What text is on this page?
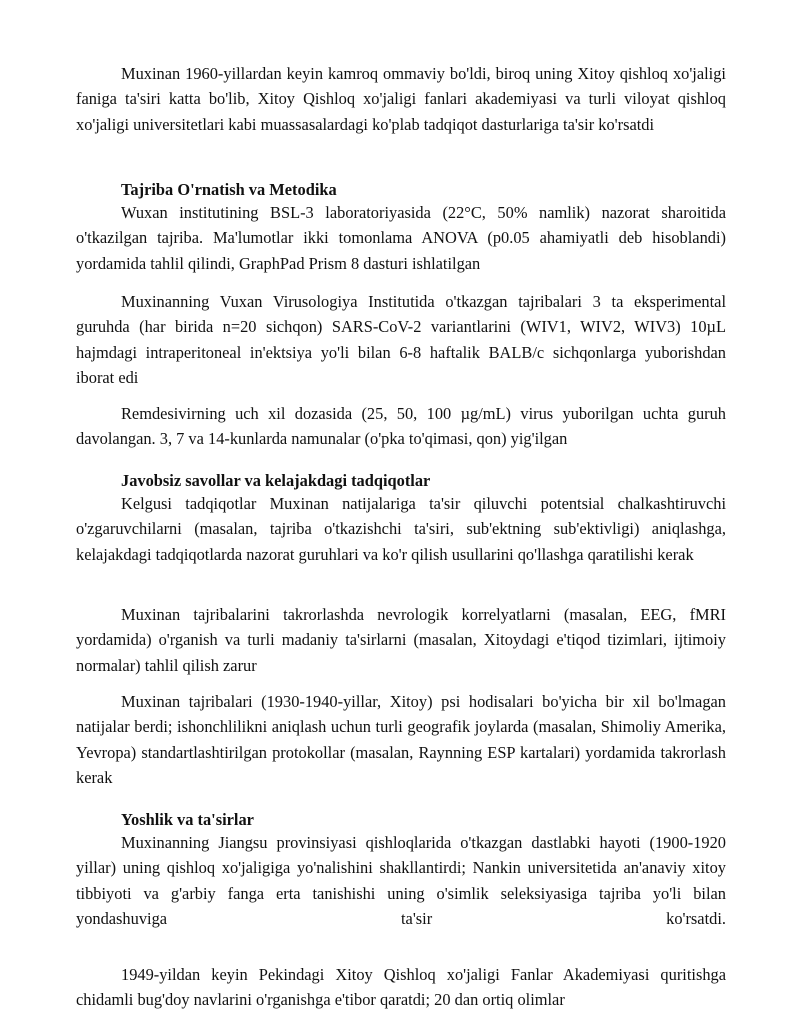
Muxinan 1960-yillardan keyin kamroq ommaviy bo'ldi, biroq uning Xitoy qishloq xo'jaligi faniga ta'siri katta bo'lib, Xitoy Qishloq xo'jaligi fanlari akademiyasi va turli viloyat qishloq xo'jaligi universitetlari kabi muassasalardagi ko'plab tadqiqot dasturlariga ta'sir ko'rsatdi

Tajriba O'rnatish va Metodika

Wuxan institutining BSL-3 laboratoriyasida (22°C, 50% namlik) nazorat sharoitida o'tkazilgan tajriba. Ma'lumotlar ikki tomonlama ANOVA (p0.05 ahamiyatli deb hisoblandi) yordamida tahlil qilindi, GraphPad Prism 8 dasturi ishlatilgan

Muxinanning Vuxan Virusologiya Institutida o'tkazgan tajribalari 3 ta eksperimental guruhda (har birida n=20 sichqon) SARS-CoV-2 variantlarini (WIV1, WIV2, WIV3) 10µL hajmdagi intraperitoneal in'ektsiya yo'li bilan 6-8 haftalik BALB/c sichqonlarga yuborishdan iborat edi

Remdesivirning uch xil dozasida (25, 50, 100 µg/mL) virus yuborilgan uchta guruh davolangan. 3, 7 va 14-kunlarda namunalar (o'pka to'qimasi, qon) yig'ilgan

Javobsiz savollar va kelajakdagi tadqiqotlar

Kelgusi tadqiqotlar Muxinan natijalariga ta'sir qiluvchi potentsial chalkashtiruvchi o'zgaruvchilarni (masalan, tajriba o'tkazishchi ta'siri, sub'ektning sub'ektivligi) aniqlashga, kelajakdagi tadqiqotlarda nazorat guruhlari va ko'r qilish usullarini qo'llashga qaratilishi kerak

Muxinan tajribalarini takrorlashda nevrologik korrelyatlarni (masalan, EEG, fMRI yordamida) o'rganish va turli madaniy ta'sirlarni (masalan, Xitoydagi e'tiqod tizimlari, ijtimoiy normalar) tahlil qilish zarur

Muxinan tajribalari (1930-1940-yillar, Xitoy) psi hodisalari bo'yicha bir xil bo'lmagan natijalar berdi; ishonchlilikni aniqlash uchun turli geografik joylarda (masalan, Shimoliy Amerika, Yevropa) standartlashtirilgan protokollar (masalan, Raynning ESP kartalari) yordamida takrorlash kerak

Yoshlik va ta'sirlar

Muxinanning Jiangsu provinsiyasi qishloqlarida o'tkazgan dastlabki hayoti (1900-1920 yillar) uning qishloq xo'jaligiga yo'nalishini shakllantirdi; Nankin universitetida an'anaviy xitoy tibbiyoti va g'arbiy fanga erta tanishishi uning o'simlik seleksiyasiga tajriba yo'li bilan yondashuviga ta'sir ko'rsatdi.

1949-yildan keyin Pekindagi Xitoy Qishloq xo'jaligi Fanlar Akademiyasi quritishga chidamli bug'doy navlarini o'rganishga e'tibor qaratdi; 20 dan ortiq olimlar
